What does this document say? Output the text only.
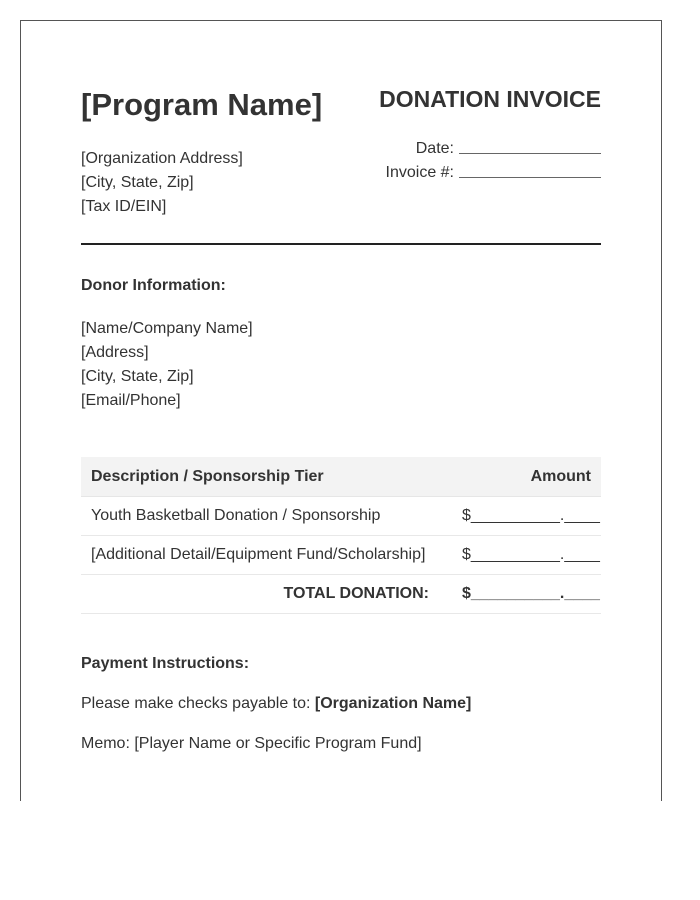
[Program Name]
[Organization Address]
[City, State, Zip]
[Tax ID/EIN]
DONATION INVOICE
Date:
Invoice #:
Donor Information:
[Name/Company Name]
[Address]
[City, State, Zip]
[Email/Phone]
Description / Sponsorship Tier	Amount
Youth Basketball Donation / Sponsorship	$__________.____
[Additional Detail/Equipment Fund/Scholarship]	$__________.____
TOTAL DONATION:	$__________.____
Payment Instructions:
Please make checks payable to: [Organization Name]
Memo: [Player Name or Specific Program Fund]
